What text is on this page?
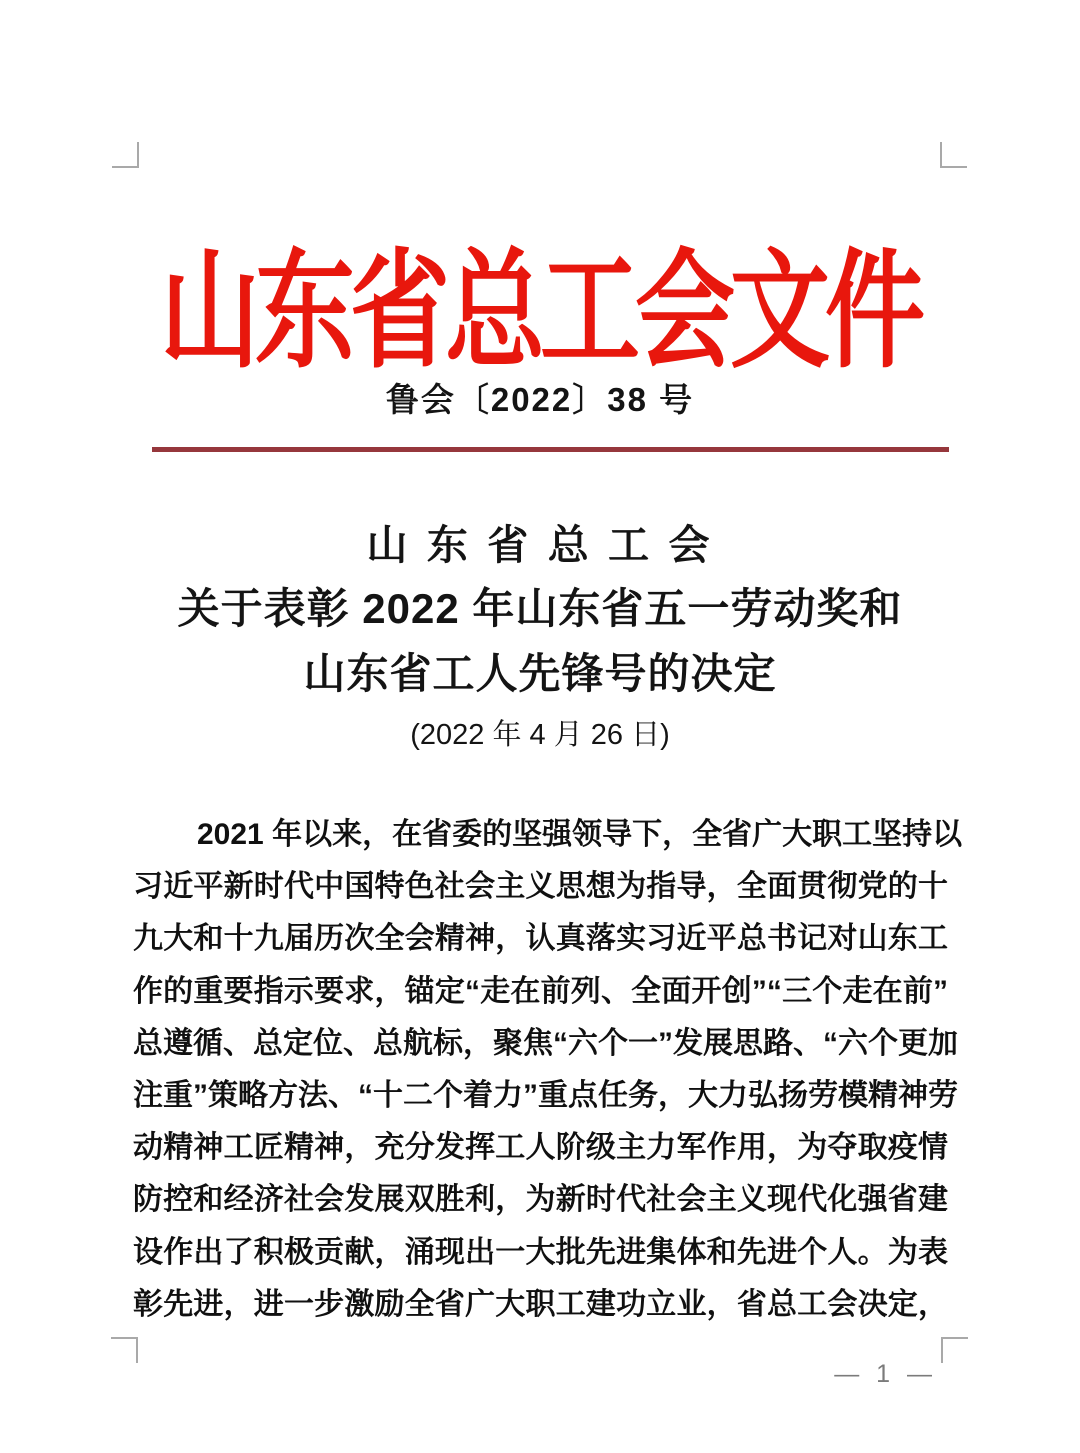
山东省总工会文件
鲁会〔2022〕38 号
山 东 省 总 工 会
关于表彰 2022 年山东省五一劳动奖和
山东省工人先锋号的决定
(2022 年 4 月 26 日)
2021 年以来，在省委的坚强领导下，全省广大职工坚持以
习近平新时代中国特色社会主义思想为指导，全面贯彻党的十
九大和十九届历次全会精神，认真落实习近平总书记对山东工
作的重要指示要求，锚定“走在前列、全面开创”“三个走在前”
总遵循、总定位、总航标，聚焦“六个一”发展思路、“六个更加
注重”策略方法、“十二个着力”重点任务，大力弘扬劳模精神劳
动精神工匠精神，充分发挥工人阶级主力军作用，为夺取疫情
防控和经济社会发展双胜利，为新时代社会主义现代化强省建
设作出了积极贡献，涌现出一大批先进集体和先进个人。为表
彰先进，进一步激励全省广大职工建功立业，省总工会决定，
— 1 —
